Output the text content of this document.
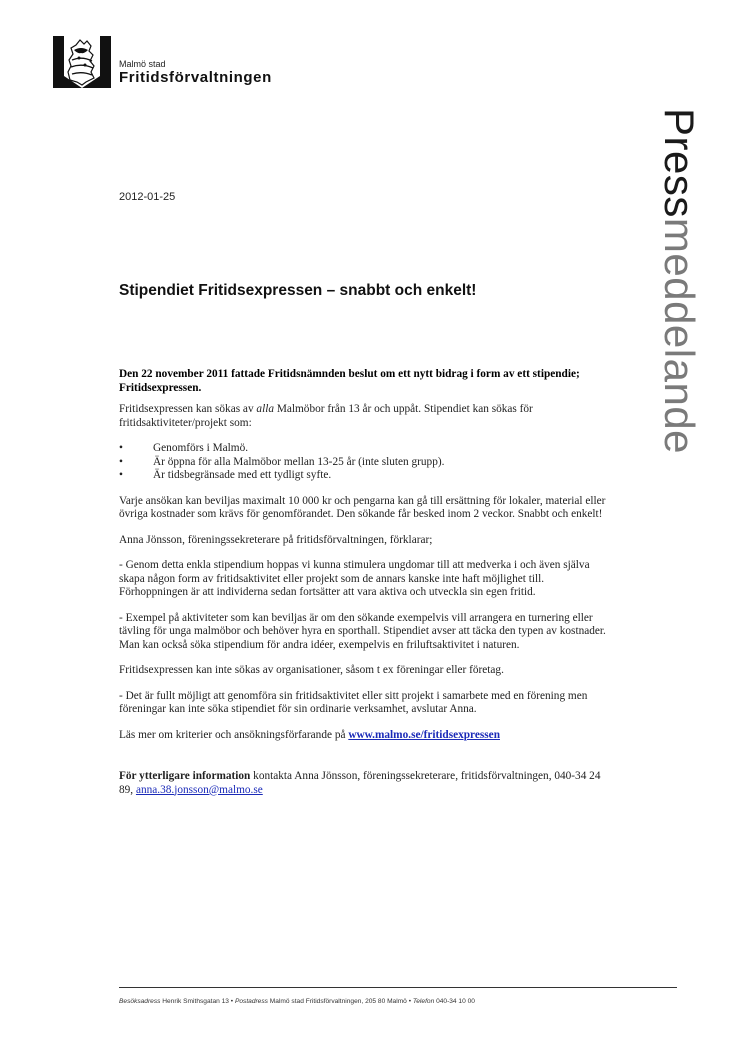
Malmö stad
Fritidsförvaltningen
Pressmeddelande
2012-01-25
Stipendiet Fritidsexpressen – snabbt och enkelt!

Den 22 november 2011 fattade Fritidsnämnden beslut om ett nytt bidrag i form av ett stipendie; Fritidsexpressen.

Fritidsexpressen kan sökas av alla Malmöbor från 13 år och uppåt. Stipendiet kan sökas för fritidsaktiviteter/projekt som:

•	Genomförs i Malmö.
•	Är öppna för alla Malmöbor mellan 13-25 år (inte sluten grupp).
•	Är tidsbegränsade med ett tydligt syfte.

Varje ansökan kan beviljas maximalt 10 000 kr och pengarna kan gå till ersättning för lokaler, material eller övriga kostnader som krävs för genomförandet. Den sökande får besked inom 2 veckor. Snabbt och enkelt!

Anna Jönsson, föreningssekreterare på fritidsförvaltningen, förklarar;

- Genom detta enkla stipendium hoppas vi kunna stimulera ungdomar till att medverka i och även själva skapa någon form av fritidsaktivitet eller projekt som de annars kanske inte haft möjlighet till. Förhoppningen är att individerna sedan fortsätter att vara aktiva och utveckla sin egen fritid.

- Exempel på aktiviteter som kan beviljas är om den sökande exempelvis vill arrangera en turnering eller tävling för unga malmöbor och behöver hyra en sporthall. Stipendiet avser att täcka den typen av kostnader. Man kan också söka stipendium för andra idéer, exempelvis en friluftsaktivitet i naturen.

Fritidsexpressen kan inte sökas av organisationer, såsom t ex föreningar eller företag.

- Det är fullt möjligt att genomföra sin fritidsaktivitet eller sitt projekt i samarbete med en förening men föreningar kan inte söka stipendiet för sin ordinarie verksamhet, avslutar Anna.

Läs mer om kriterier och ansökningsförfarande på www.malmo.se/fritidsexpressen

För ytterligare information kontakta Anna Jönsson, föreningssekreterare, fritidsförvaltningen, 040-34 24 89, anna.38.jonsson@malmo.se

Besöksadress Henrik Smithsgatan 13 • Postadress Malmö stad Fritidsförvaltningen, 205 80 Malmö • Telefon 040-34 10 00
